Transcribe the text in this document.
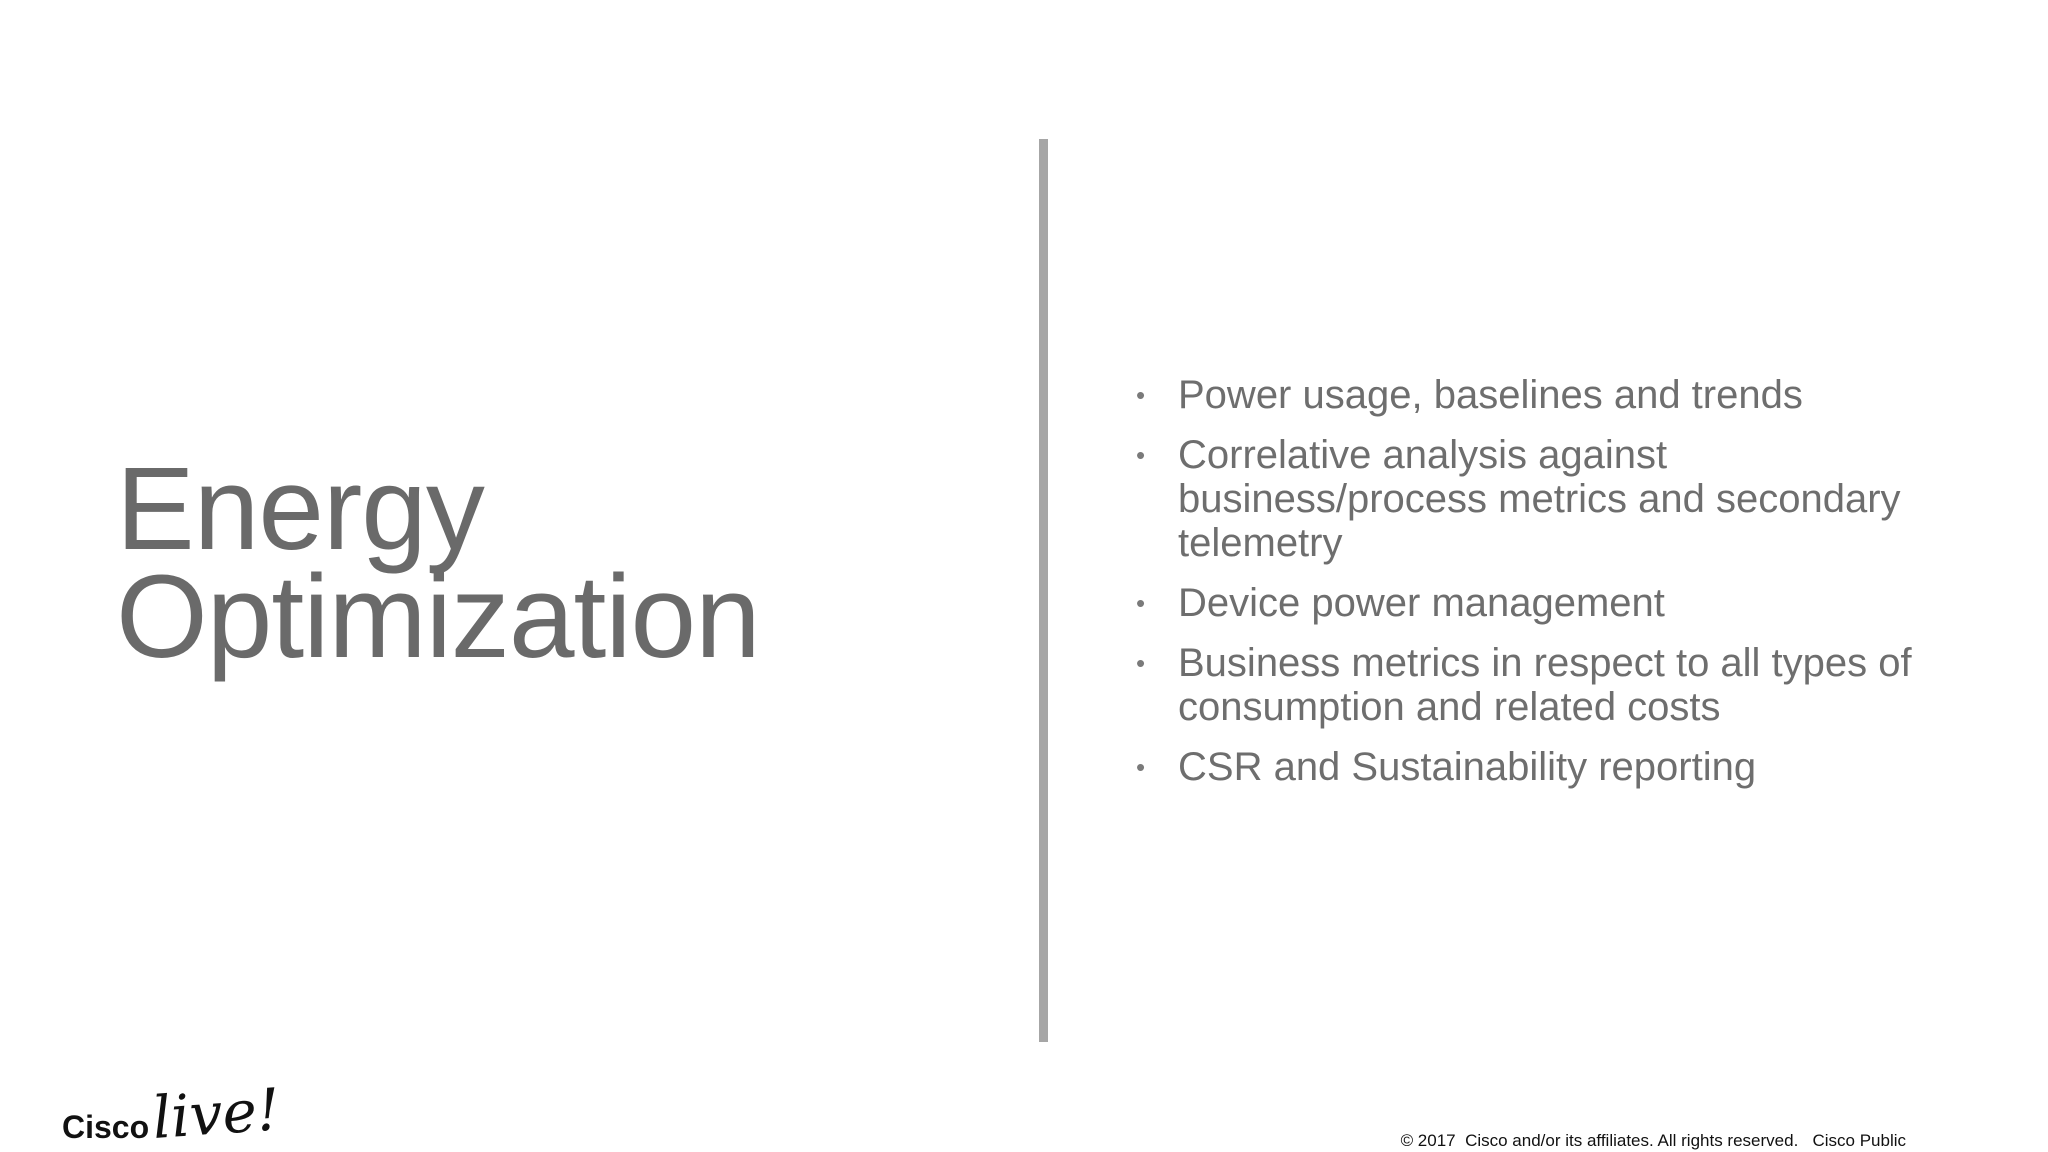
Energy
Optimization
• Power usage, baselines and trends
• Correlative analysis against business/process metrics and secondary telemetry
• Device power management
• Business metrics in respect to all types of consumption and related costs
• CSR and Sustainability reporting
Cisco live!	© 2017  Cisco and/or its affiliates. All rights reserved.   Cisco Public
